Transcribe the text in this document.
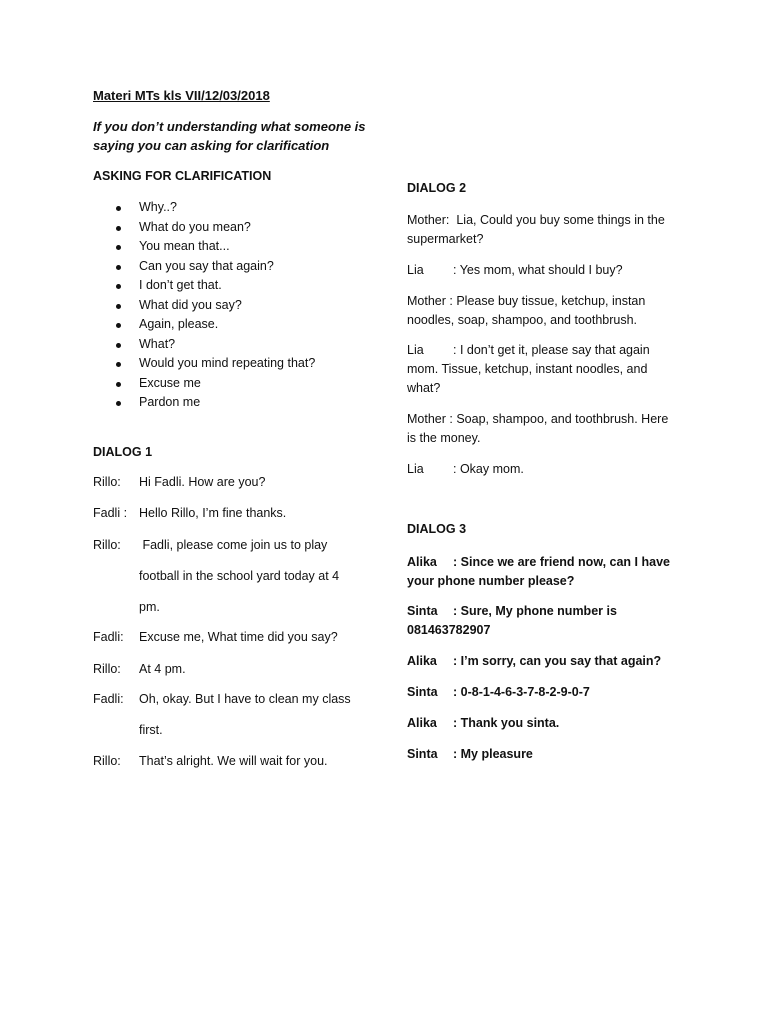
Materi MTs kls VII/12/03/2018
If you don’t understanding what someone is saying you can asking for clarification
ASKING FOR CLARIFICATION
Why..?
What do you mean?
You mean that...
Can you say that again?
I don’t get that.
What did you say?
Again, please.
What?
Would you mind repeating that?
Excuse me
Pardon me
DIALOG 1
Rillo:	Hi Fadli. How are you?
Fadli : Hello Rillo, I’m fine thanks.
Rillo:	Fadli, please come join us to play
football in the school yard today at 4
pm.
Fadli:	Excuse me, What time did you say?
Rillo:	At 4 pm.
Fadli:	Oh, okay. But I have to clean my class
first.
Rillo:	That’s alright. We will wait for you.
DIALOG 2
Mother:  Lia, Could you buy some things in the supermarket?
Lia : Yes mom, what should I buy?
Mother : Please buy tissue, ketchup, instan noodles, soap, shampoo, and toothbrush.
Lia : I don’t get it, please say that again mom. Tissue, ketchup, instant noodles, and what?
Mother : Soap, shampoo, and toothbrush. Here is the money.
Lia : Okay mom.
DIALOG 3
Alika : Since we are friend now, can I have your phone number please?
Sinta : Sure, My phone number is 081463782907
Alika : I’m sorry, can you say that again?
Sinta : 0-8-1-4-6-3-7-8-2-9-0-7
Alika : Thank you sinta.
Sinta : My pleasure
